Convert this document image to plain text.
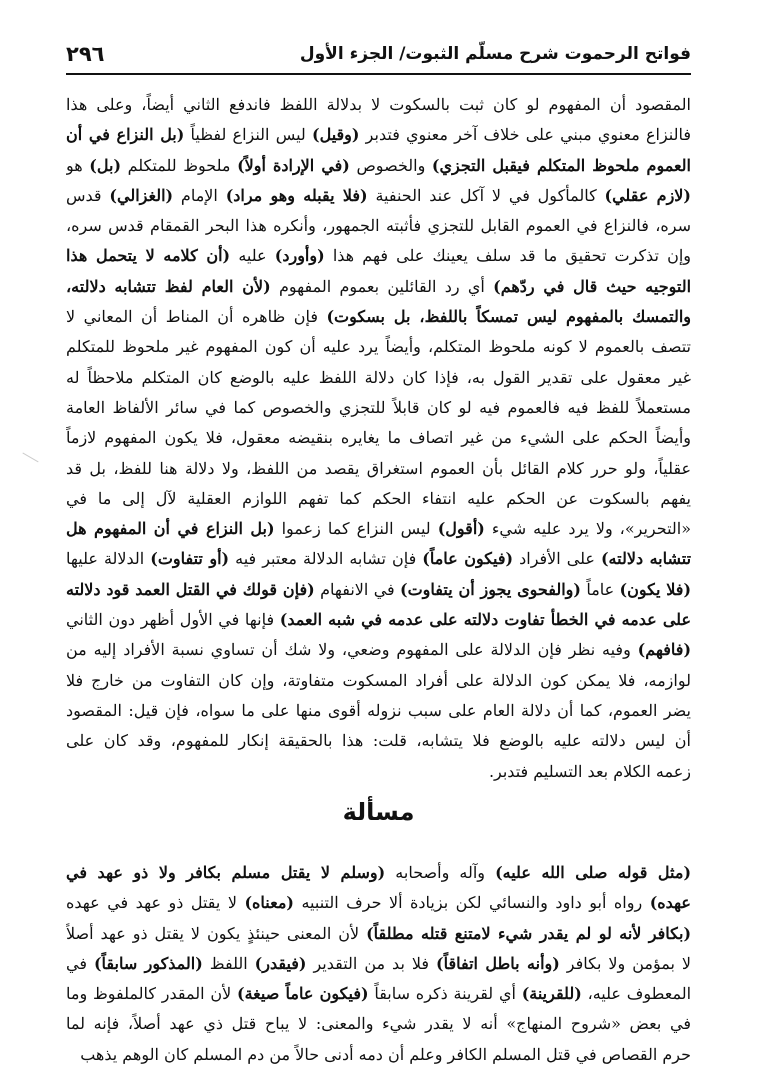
٢٩٦	فواتح الرحموت شرح مسلّم الثبوت/ الجزء الأول
المقصود أن المفهوم لو كان ثبت بالسكوت لا بدلالة اللفظ فاندفع الثاني أيضاً، وعلى هذا
فالنزاع معنوي مبني على خلاف آخر معنوي فتدبر (وقيل) ليس النزاع لفظياً (بل النزاع في أن
العموم ملحوظ المتكلم فيقبل التجزي) والخصوص (في الإرادة أولاً) ملحوظ للمتكلم (بل) هو
(لازم عقلي) كالمأكول في لا آكل عند الحنفية (فلا يقبله وهو مراد) الإمام (الغزالي) قدس
سره، فالنزاع في العموم القابل للتجزي فأثبته الجمهور، وأنكره هذا البحر القمقام قدس سره،
وإن تذكرت تحقيق ما قد سلف يعينك على فهم هذا (وأورد) عليه (أن كلامه لا يتحمل هذا
التوجيه حيث قال في ردّهم) أي رد القائلين بعموم المفهوم (لأن العام لفظ تتشابه دلالته،
والتمسك بالمفهوم ليس تمسكاً باللفظ، بل بسكوت) فإن ظاهره أن المناط أن المعاني لا
تتصف بالعموم لا كونه ملحوظ المتكلم، وأيضاً يرد عليه أن كون المفهوم غير ملحوظ للمتكلم
غير معقول على تقدير القول به، فإذا كان دلالة اللفظ عليه بالوضع كان المتكلم ملاحظاً له
مستعملاً للفظ فيه فالعموم فيه لو كان قابلاً للتجزي والخصوص كما في سائر الألفاظ العامة
وأيضاً الحكم على الشيء من غير اتصاف ما يغايره بنقيضه معقول، فلا يكون المفهوم لازماً
عقلياً، ولو حرر كلام القائل بأن العموم استغراق يقصد من اللفظ، ولا دلالة هنا للفظ، بل قد
يفهم بالسكوت عن الحكم عليه انتفاء الحكم كما تفهم اللوازم العقلية لآل إلى ما في
«التحرير»، ولا يرد عليه شيء (أقول) ليس النزاع كما زعموا (بل النزاع في أن المفهوم هل
تتشابه دلالته) على الأفراد (فيكون عاماً) فإن تشابه الدلالة معتبر فيه (أو تتفاوت) الدلالة عليها
(فلا يكون) عاماً (والفحوى يجوز أن يتفاوت) في الانفهام (فإن قولك في القتل العمد قود دلالته
على عدمه في الخطأ تفاوت دلالته على عدمه في شبه العمد) فإنها في الأول أظهر دون الثاني
(فافهم) وفيه نظر فإن الدلالة على المفهوم وضعي، ولا شك أن تساوي نسبة الأفراد إليه من
لوازمه، فلا يمكن كون الدلالة على أفراد المسكوت متفاوتة، وإن كان التفاوت من خارج فلا
يضر العموم، كما أن دلالة العام على سبب نزوله أقوى منها على ما سواه، فإن قيل: المقصود
أن ليس دلالته عليه بالوضع فلا يتشابه، قلت: هذا بالحقيقة إنكار للمفهوم، وقد كان على
زعمه الكلام بعد التسليم فتدبر.
مسألة
(مثل قوله صلى الله عليه) وآله وأصحابه (وسلم لا يقتل مسلم بكافر ولا ذو عهد في
عهده) رواه أبو داود والنسائي لكن بزيادة ألا حرف التنبيه (معناه) لا يقتل ذو عهد في عهده
(بكافر لأنه لو لم يقدر شيء لامتنع قتله مطلقاً) لأن المعنى حينئذٍ يكون لا يقتل ذو عهد أصلاً
لا بمؤمن ولا بكافر (وأنه باطل اتفاقاً) فلا بد من التقدير (فيقدر) اللفظ (المذكور سابقاً) في
المعطوف عليه، (للقرينة) أي لقرينة ذكره سابقاً (فيكون عاماً صيغة) لأن المقدر كالملفوظ وما
في بعض «شروح المنهاج» أنه لا يقدر شيء والمعنى: لا يباح قتل ذي عهد أصلاً، فإنه لما
حرم القصاص في قتل المسلم الكافر وعلم أن دمه أدنى حالاً من دم المسلم كان الوهم يذهب
